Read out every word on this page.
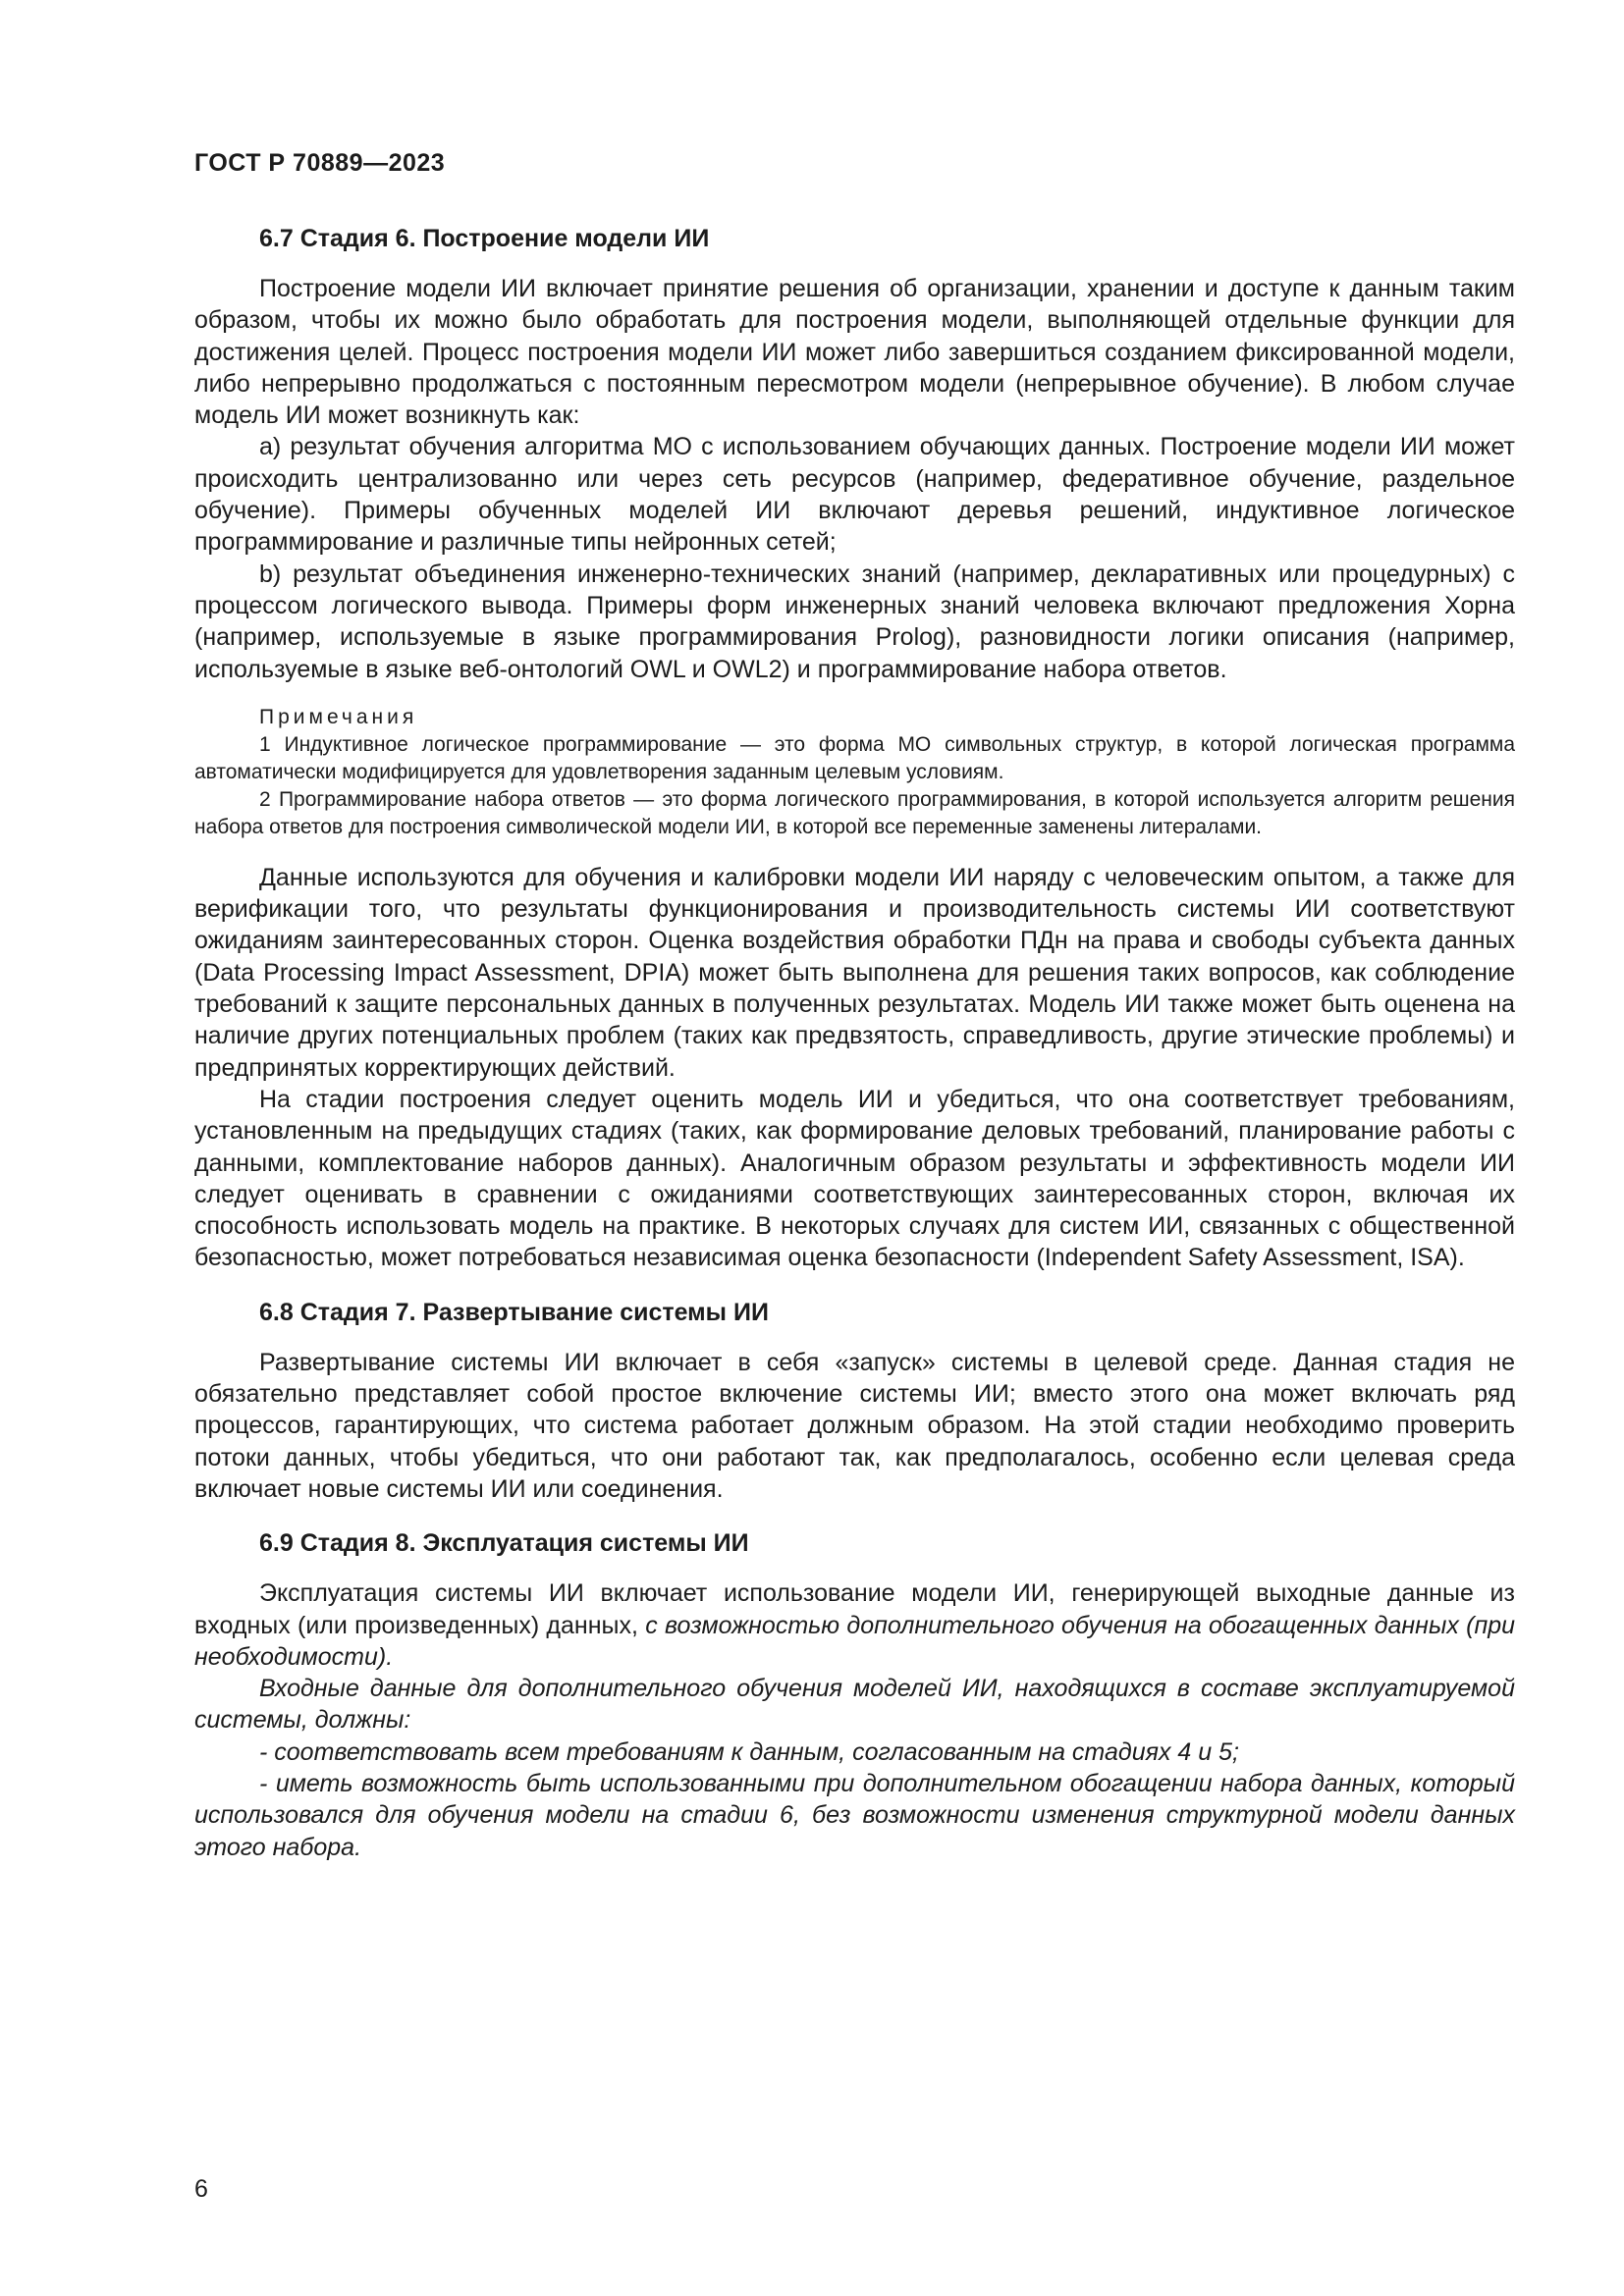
ГОСТ Р 70889—2023
6.7 Стадия 6. Построение модели ИИ

Построение модели ИИ включает принятие решения об организации, хранении и доступе к данным таким образом, чтобы их можно было обработать для построения модели, выполняющей отдельные функции для достижения целей. Процесс построения модели ИИ может либо завершиться созданием фиксированной модели, либо непрерывно продолжаться с постоянным пересмотром модели (непрерывное обучение). В любом случае модель ИИ может возникнуть как:

a) результат обучения алгоритма МО с использованием обучающих данных. Построение модели ИИ может происходить централизованно или через сеть ресурсов (например, федеративное обучение, раздельное обучение). Примеры обученных моделей ИИ включают деревья решений, индуктивное логическое программирование и различные типы нейронных сетей;

b) результат объединения инженерно-технических знаний (например, декларативных или процедурных) с процессом логического вывода. Примеры форм инженерных знаний человека включают предложения Хорна (например, используемые в языке программирования Prolog), разновидности логики описания (например, используемые в языке веб-онтологий OWL и OWL2) и программирование набора ответов.

Примечания

1 Индуктивное логическое программирование — это форма МО символьных структур, в которой логическая программа автоматически модифицируется для удовлетворения заданным целевым условиям.

2 Программирование набора ответов — это форма логического программирования, в которой используется алгоритм решения набора ответов для построения символической модели ИИ, в которой все переменные заменены литералами.

Данные используются для обучения и калибровки модели ИИ наряду с человеческим опытом, а также для верификации того, что результаты функционирования и производительность системы ИИ соответствуют ожиданиям заинтересованных сторон. Оценка воздействия обработки ПДн на права и свободы субъекта данных (Data Processing Impact Assessment, DPIA) может быть выполнена для решения таких вопросов, как соблюдение требований к защите персональных данных в полученных результатах. Модель ИИ также может быть оценена на наличие других потенциальных проблем (таких как предвзятость, справедливость, другие этические проблемы) и предпринятых корректирующих действий.

На стадии построения следует оценить модель ИИ и убедиться, что она соответствует требованиям, установленным на предыдущих стадиях (таких, как формирование деловых требований, планирование работы с данными, комплектование наборов данных). Аналогичным образом результаты и эффективность модели ИИ следует оценивать в сравнении с ожиданиями соответствующих заинтересованных сторон, включая их способность использовать модель на практике. В некоторых случаях для систем ИИ, связанных с общественной безопасностью, может потребоваться независимая оценка безопасности (Independent Safety Assessment, ISA).

6.8 Стадия 7. Развертывание системы ИИ

Развертывание системы ИИ включает в себя «запуск» системы в целевой среде. Данная стадия не обязательно представляет собой простое включение системы ИИ; вместо этого она может включать ряд процессов, гарантирующих, что система работает должным образом. На этой стадии необходимо проверить потоки данных, чтобы убедиться, что они работают так, как предполагалось, особенно если целевая среда включает новые системы ИИ или соединения.

6.9 Стадия 8. Эксплуатация системы ИИ

Эксплуатация системы ИИ включает использование модели ИИ, генерирующей выходные данные из входных (или произведенных) данных, с возможностью дополнительного обучения на обогащенных данных (при необходимости).

Входные данные для дополнительного обучения моделей ИИ, находящихся в составе эксплуатируемой системы, должны:

- соответствовать всем требованиям к данным, согласованным на стадиях 4 и 5;

- иметь возможность быть использованными при дополнительном обогащении набора данных, который использовался для обучения модели на стадии 6, без возможности изменения структурной модели данных этого набора.

6
